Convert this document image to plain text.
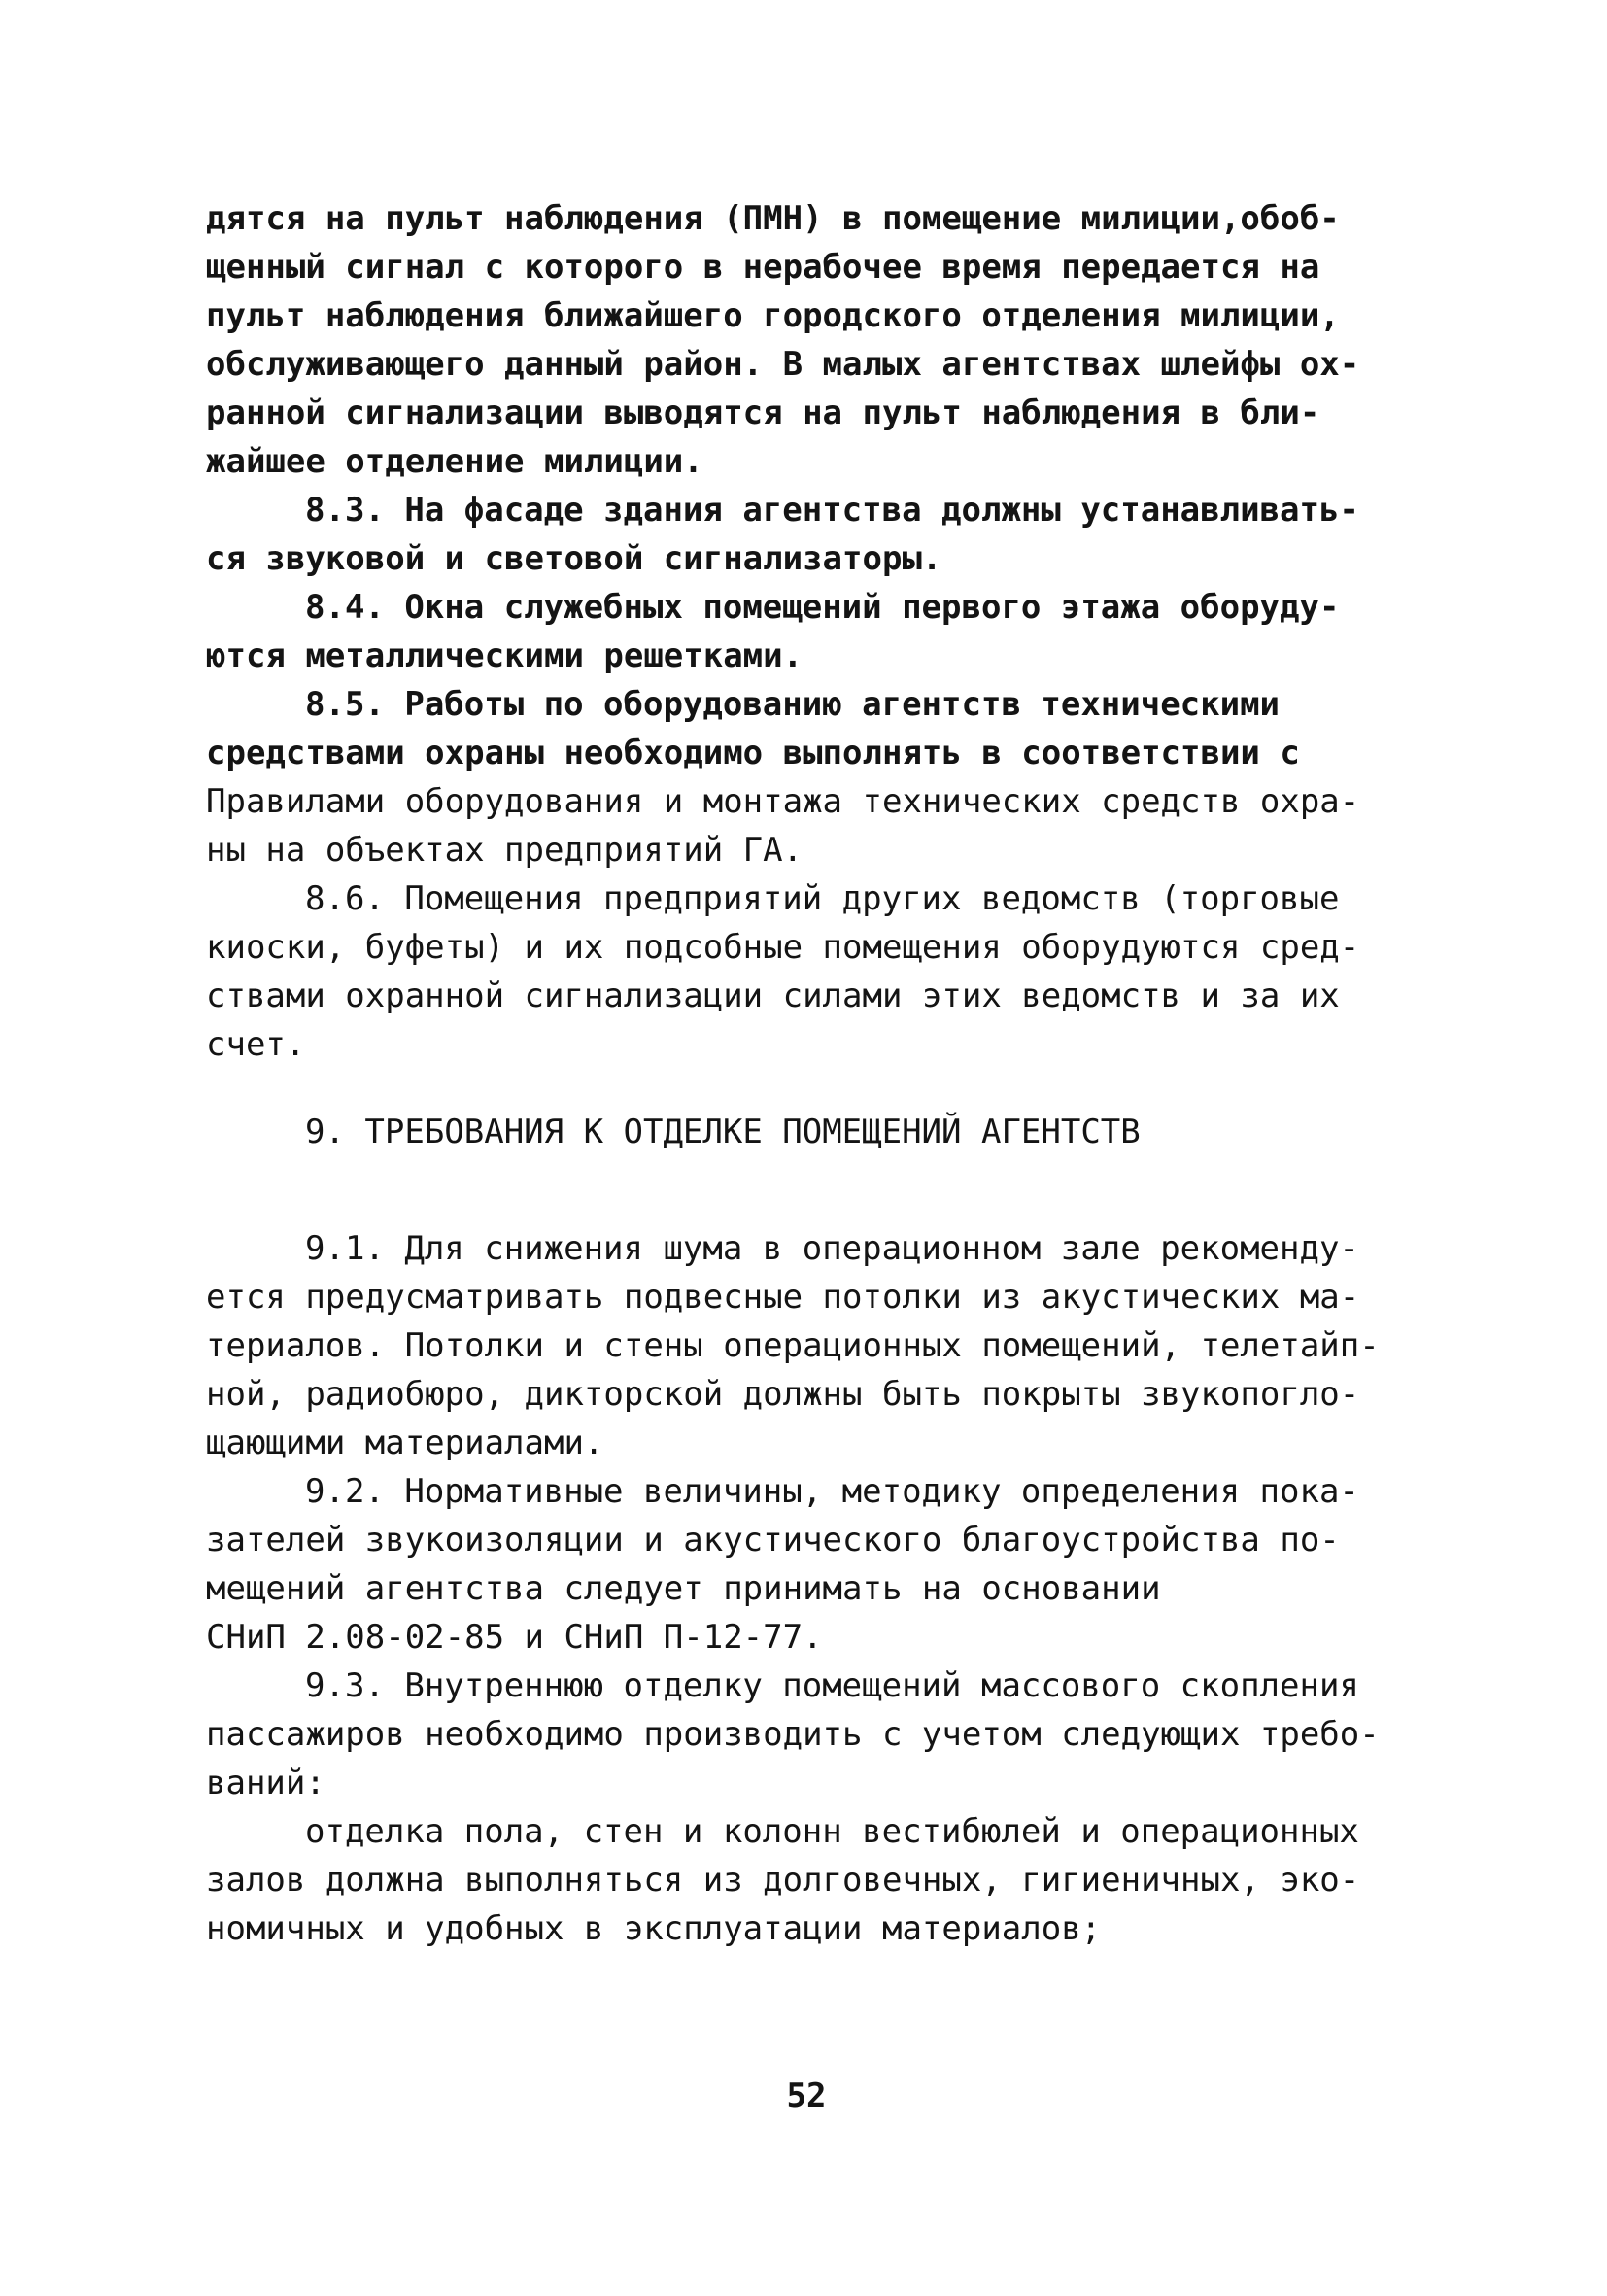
дятся на пульт наблюдения (ПМН) в помещение милиции,обоб-
щенный сигнал с которого в нерабочее время передается на
пульт наблюдения ближайшего городского отделения милиции,
обслуживающего данный район. В малых агентствах шлейфы ох-
ранной сигнализации выводятся на пульт наблюдения в бли-
жайшее отделение милиции.
8.3. На фасаде здания агентства должны устанавливать-
ся звуковой и световой сигнализаторы.
8.4. Окна служебных помещений первого этажа оборуду-
ются металлическими решетками.
8.5. Работы по оборудованию агентств техническими
средствами охраны необходимо выполнять в соответствии с
Правилами оборудования и монтажа технических средств охра-
ны на объектах предприятий ГА.
8.6. Помещения предприятий других ведомств (торговые
киоски, буфеты) и их подсобные помещения оборудуются сред-
ствами охранной сигнализации силами этих ведомств и за их
счет.
9. ТРЕБОВАНИЯ К ОТДЕЛКЕ ПОМЕЩЕНИЙ АГЕНТСТВ
9.1. Для снижения шума в операционном зале рекоменду-
ется предусматривать подвесные потолки из акустических ма-
териалов. Потолки и стены операционных помещений, телетайп-
ной, радиобюро, дикторской должны быть покрыты звукопогло-
щающими материалами.
9.2. Нормативные величины, методику определения пока-
зателей звукоизоляции и акустического благоустройства по-
мещений агентства следует принимать на основании
СНиП 2.08-02-85 и СНиП П-12-77.
9.3. Внутреннюю отделку помещений массового скопления
пассажиров необходимо производить с учетом следующих требо-
ваний:
отделка пола, стен и колонн вестибюлей и операционных
залов должна выполняться из долговечных, гигиеничных, эко-
номичных и удобных в эксплуатации материалов;
52
